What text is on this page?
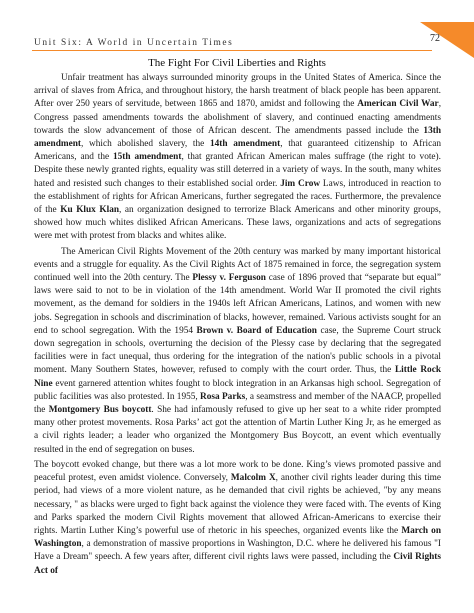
72
Unit Six: A World in Uncertain Times
The Fight For Civil Liberties and Rights

Unfair treatment has always surrounded minority groups in the United States of America. Since the arrival of slaves from Africa, and throughout history, the harsh treatment of black people has been apparent. After over 250 years of servitude, between 1865 and 1870, amidst and following the American Civil War, Congress passed amendments towards the abolishment of slavery, and continued enacting amendments towards the slow advancement of those of African descent. The amendments passed include the 13th amendment, which abolished slavery, the 14th amendment, that guaranteed citizenship to African Americans, and the 15th amendment, that granted African American males suffrage (the right to vote). Despite these newly granted rights, equality was still deterred in a variety of ways. In the south, many whites hated and resisted such changes to their established social order. Jim Crow Laws, introduced in reaction to the establishment of rights for African Americans, further segregated the races. Furthermore, the prevalence of the Ku Klux Klan, an organization designed to terrorize Black Americans and other minority groups, showed how much whites disliked African Americans. These laws, organizations and acts of segregations were met with protest from blacks and whites alike.

The American Civil Rights Movement of the 20th century was marked by many important historical events and a struggle for equality. As the Civil Rights Act of 1875 remained in force, the segregation system continued well into the 20th century. The Plessy v. Ferguson case of 1896 proved that “separate but equal” laws were said to not to be in violation of the 14th amendment. World War II promoted the civil rights movement, as the demand for soldiers in the 1940s left African Americans, Latinos, and women with new jobs. Segregation in schools and discrimination of blacks, however, remained. Various activists sought for an end to school segregation. With the 1954 Brown v. Board of Education case, the Supreme Court struck down segregation in schools, overturning the decision of the Plessy case by declaring that the segregated facilities were in fact unequal, thus ordering for the integration of the nation's public schools in a pivotal moment. Many Southern States, however, refused to comply with the court order. Thus, the Little Rock Nine event garnered attention whites fought to block integration in an Arkansas high school. Segregation of public facilities was also protested. In 1955, Rosa Parks, a seamstress and member of the NAACP, propelled the Montgomery Bus boycott. She had infamously refused to give up her seat to a white rider prompted many other protest movements. Rosa Parks’ act got the attention of Martin Luther King Jr, as he emerged as a civil rights leader; a leader who organized the Montgomery Bus Boycott, an event which eventually resulted in the end of segregation on buses.

The boycott evoked change, but there was a lot more work to be done. King’s views promoted passive and peaceful protest, even amidst violence. Conversely, Malcolm X, another civil rights leader during this time period, had views of a more violent nature, as he demanded that civil rights be achieved, "by any means necessary, " as blacks were urged to fight back against the violence they were faced with. The events of King and Parks sparked the modern Civil Rights movement that allowed African-Americans to exercise their rights. Martin Luther King’s powerful use of rhetoric in his speeches, organized events like the March on Washington, a demonstration of massive proportions in Washington, D.C. where he delivered his famous "I Have a Dream" speech. A few years after, different civil rights laws were passed, including the Civil Rights Act of
